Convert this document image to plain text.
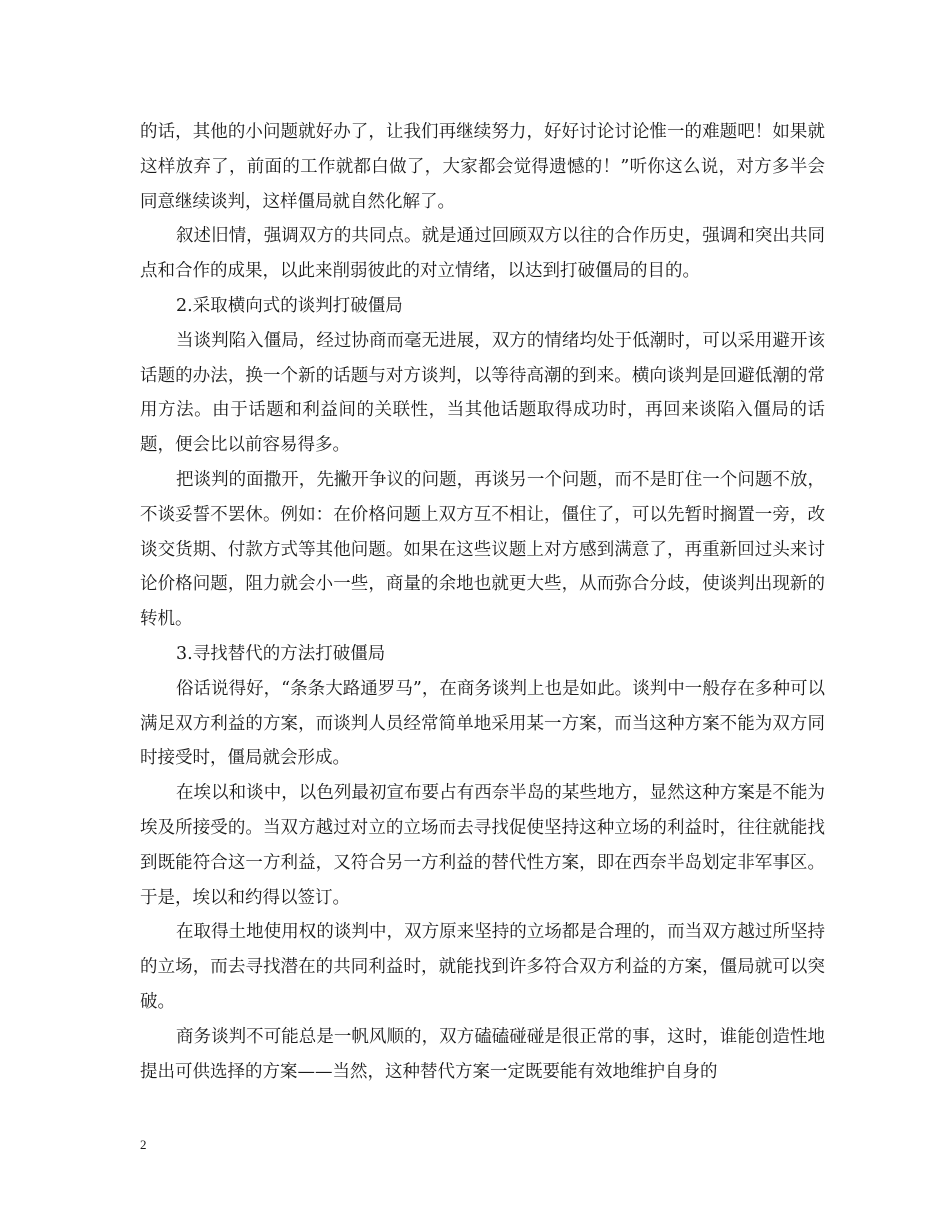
的话，其他的小问题就好办了，让我们再继续努力，好好讨论讨论惟一的难题吧！如果就这样放弃了，前面的工作就都白做了，大家都会觉得遗憾的！”听你这么说，对方多半会同意继续谈判，这样僵局就自然化解了。

叙述旧情，强调双方的共同点。就是通过回顾双方以往的合作历史，强调和突出共同点和合作的成果，以此来削弱彼此的对立情绪，以达到打破僵局的目的。

2.采取横向式的谈判打破僵局

当谈判陷入僵局，经过协商而毫无进展，双方的情绪均处于低潮时，可以采用避开该话题的办法，换一个新的话题与对方谈判，以等待高潮的到来。横向谈判是回避低潮的常用方法。由于话题和利益间的关联性，当其他话题取得成功时，再回来谈陷入僵局的话题，便会比以前容易得多。

把谈判的面撒开，先撇开争议的问题，再谈另一个问题，而不是盯住一个问题不放，不谈妥誓不罢休。例如：在价格问题上双方互不相让，僵住了，可以先暂时搁置一旁，改谈交货期、付款方式等其他问题。如果在这些议题上对方感到满意了，再重新回过头来讨论价格问题，阻力就会小一些，商量的余地也就更大些，从而弥合分歧，使谈判出现新的转机。

3.寻找替代的方法打破僵局

俗话说得好，“条条大路通罗马”，在商务谈判上也是如此。谈判中一般存在多种可以满足双方利益的方案，而谈判人员经常简单地采用某一方案，而当这种方案不能为双方同时接受时，僵局就会形成。

在埃以和谈中，以色列最初宣布要占有西奈半岛的某些地方，显然这种方案是不能为埃及所接受的。当双方越过对立的立场而去寻找促使坚持这种立场的利益时，往往就能找到既能符合这一方利益，又符合另一方利益的替代性方案，即在西奈半岛划定非军事区。于是，埃以和约得以签订。

在取得土地使用权的谈判中，双方原来坚持的立场都是合理的，而当双方越过所坚持的立场，而去寻找潜在的共同利益时，就能找到许多符合双方利益的方案，僵局就可以突破。

商务谈判不可能总是一帆风顺的，双方磕磕碰碰是很正常的事，这时，谁能创造性地提出可供选择的方案——当然，这种替代方案一定既要能有效地维护自身的

2
